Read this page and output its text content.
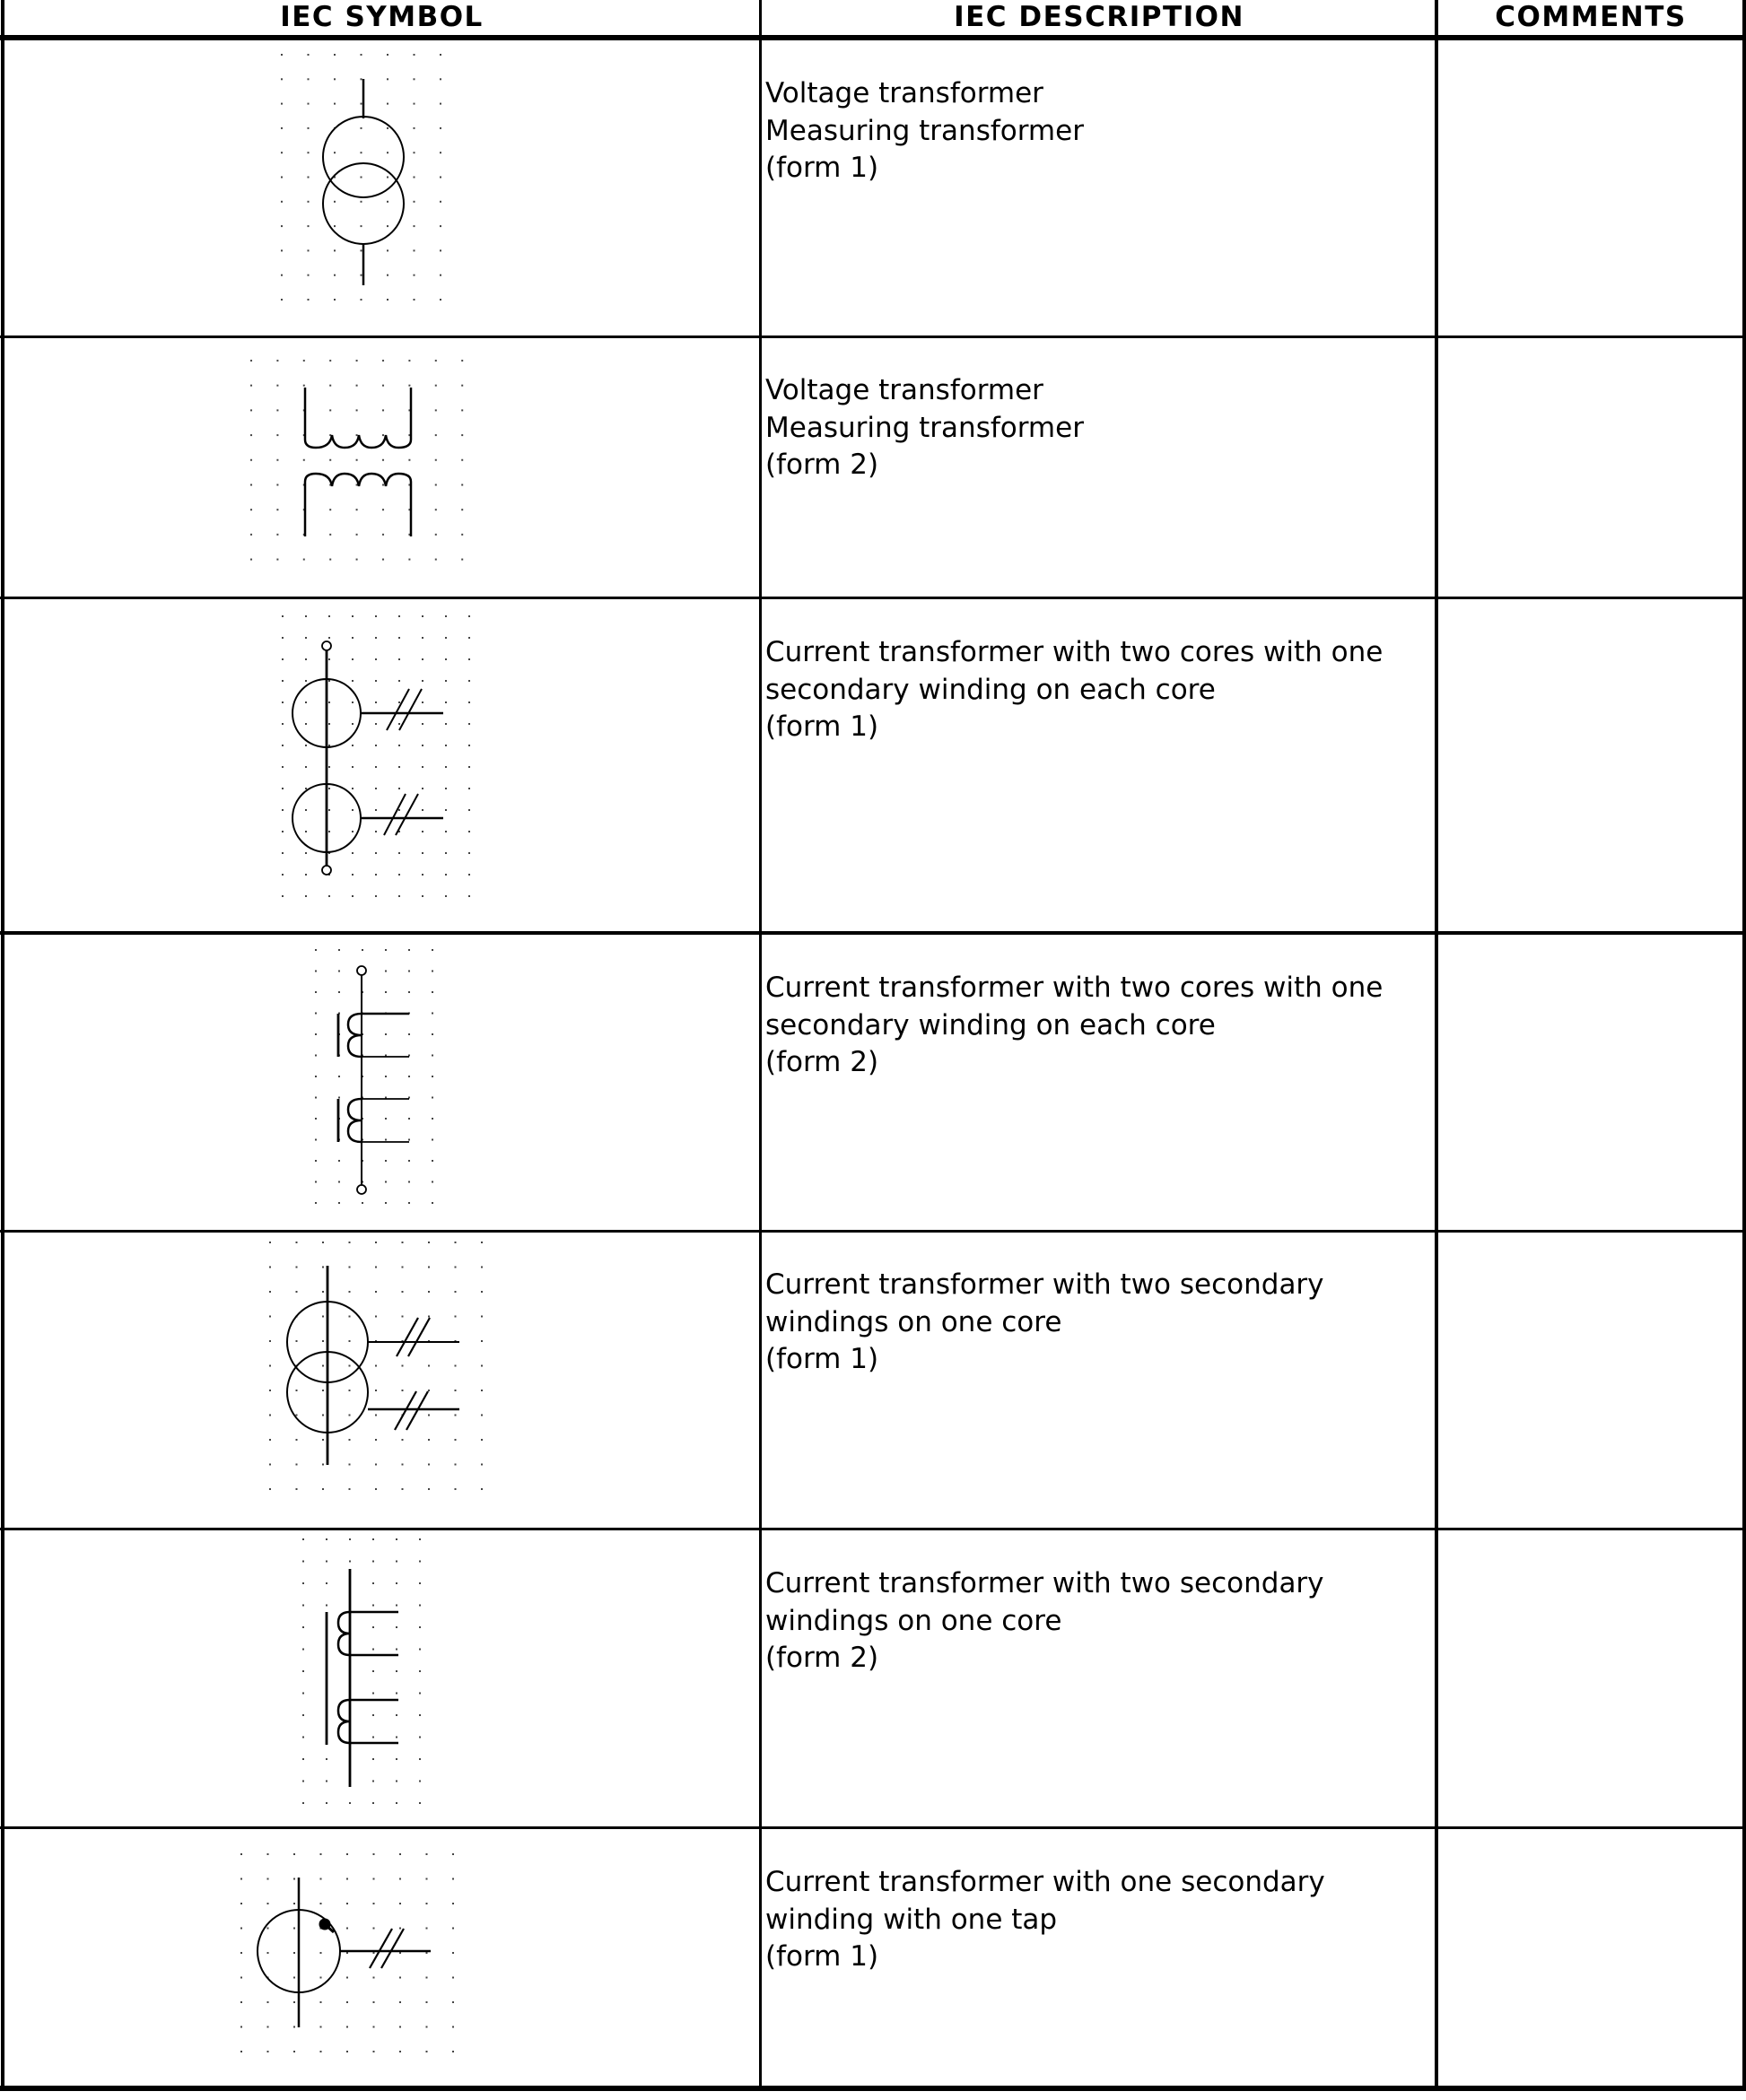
IEC SYMBOL	IEC DESCRIPTION	COMMENTS
Voltage transformer
Measuring transformer
(form 1)
Voltage transformer
Measuring transformer
(form 2)
Current transformer with two cores with one
secondary winding on each core
(form 1)
Current transformer with two cores with one
secondary winding on each core
(form 2)
Current transformer with two secondary
windings on one core
(form 1)
Current transformer with two secondary
windings on one core
(form 2)
Current transformer with one secondary
winding with one tap
(form 1)
